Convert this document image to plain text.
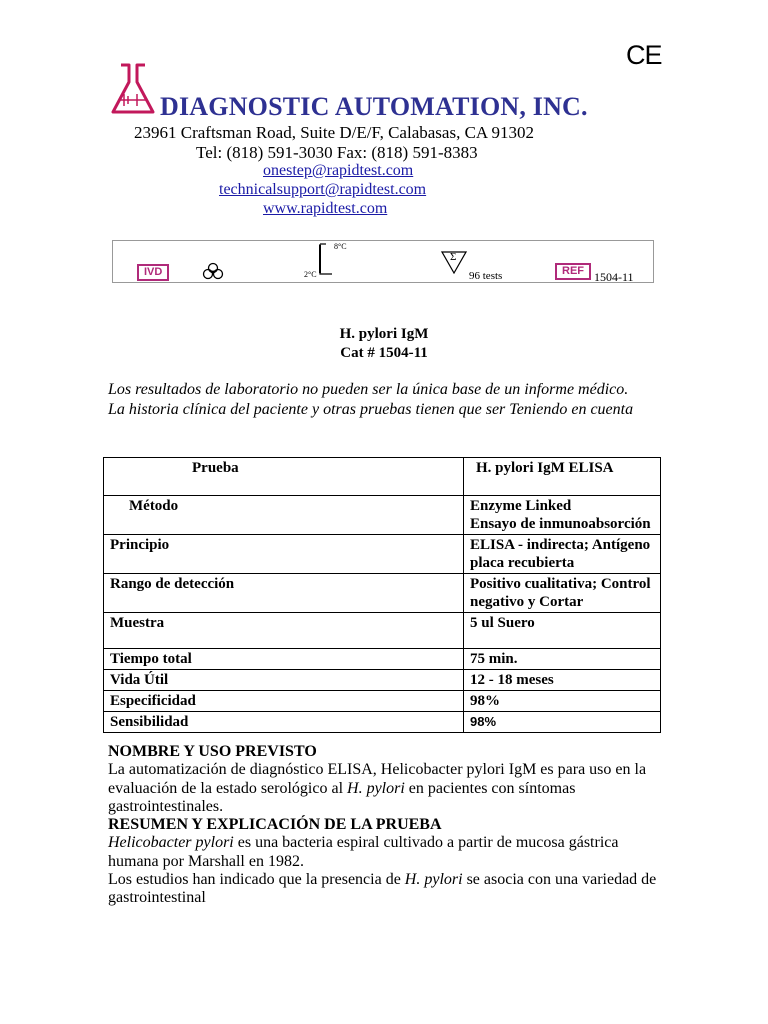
CE
DIAGNOSTIC AUTOMATION, INC.
23961 Craftsman Road, Suite D/E/F, Calabasas, CA 91302
Tel: (818) 591-3030 Fax: (818) 591-8383
onestep@rapidtest.com
technicalsupport@rapidtest.com
www.rapidtest.com
IVD
8°C
2°C
Σ
96 tests	REF 1504-11
H. pylori IgM
Cat # 1504-11
Los resultados de laboratorio no pueden ser la única base de un informe médico. La historia clínica del paciente y otras pruebas tienen que ser Teniendo en cuenta
Prueba	H. pylori IgM ELISA
Método	Enzyme Linked
Ensayo de inmunoabsorción

Principio	ELISA - indirecta; Antígeno placa recubierta
Rango de detección	Positivo cualitativa; Control negativo y Cortar
Muestra	5 ul Suero
Tiempo total	75 min.
Vida Útil	12 - 18 meses
Especificidad	98%
Sensibilidad	98%

NOMBRE Y USO PREVISTO

La automatización de diagnóstico ELISA, Helicobacter pylori IgM es para uso en la evaluación de la estado serológico al H. pylori en pacientes con síntomas gastrointestinales.

RESUMEN Y EXPLICACIÓN DE LA PRUEBA

Helicobacter pylori es una bacteria espiral cultivado a partir de mucosa gástrica humana por Marshall en 1982.

Los estudios han indicado que la presencia de H. pylori se asocia con una variedad de gastrointestinal
